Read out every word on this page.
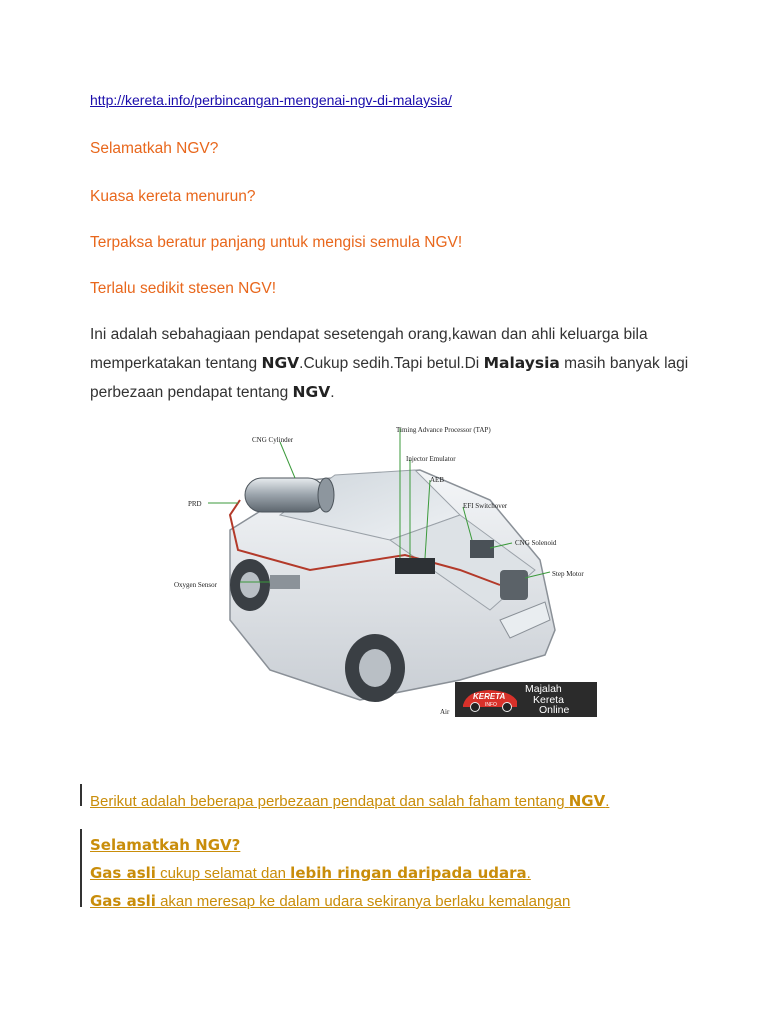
http://kereta.info/perbincangan-mengenai-ngv-di-malaysia/
Selamatkah NGV?
Kuasa kereta menurun?
Terpaksa beratur panjang untuk mengisi semula NGV!
Terlalu sedikit stesen NGV!
Ini adalah sebahagiaan pendapat sesetengah orang,kawan dan ahli keluarga bila memperkatakan tentang NGV.Cukup sedih.Tapi betul.Di Malaysia masih banyak lagi perbezaan pendapat tentang NGV.
CNG Cylinder
PRD
Oxygen Sensor
Timing Advance Processor (TAP)
Injector Emulator
AEB
EFI Switchover
CNG Solenoid
Step Motor
Air
KERETA
INFO
Majalah
Kereta
Online
Berikut adalah beberapa perbezaan pendapat dan salah faham tentang NGV.
Selamatkah NGV?
Gas asli cukup selamat dan lebih ringan daripada udara.
Gas asli akan meresap ke dalam udara sekiranya berlaku kemalangan
